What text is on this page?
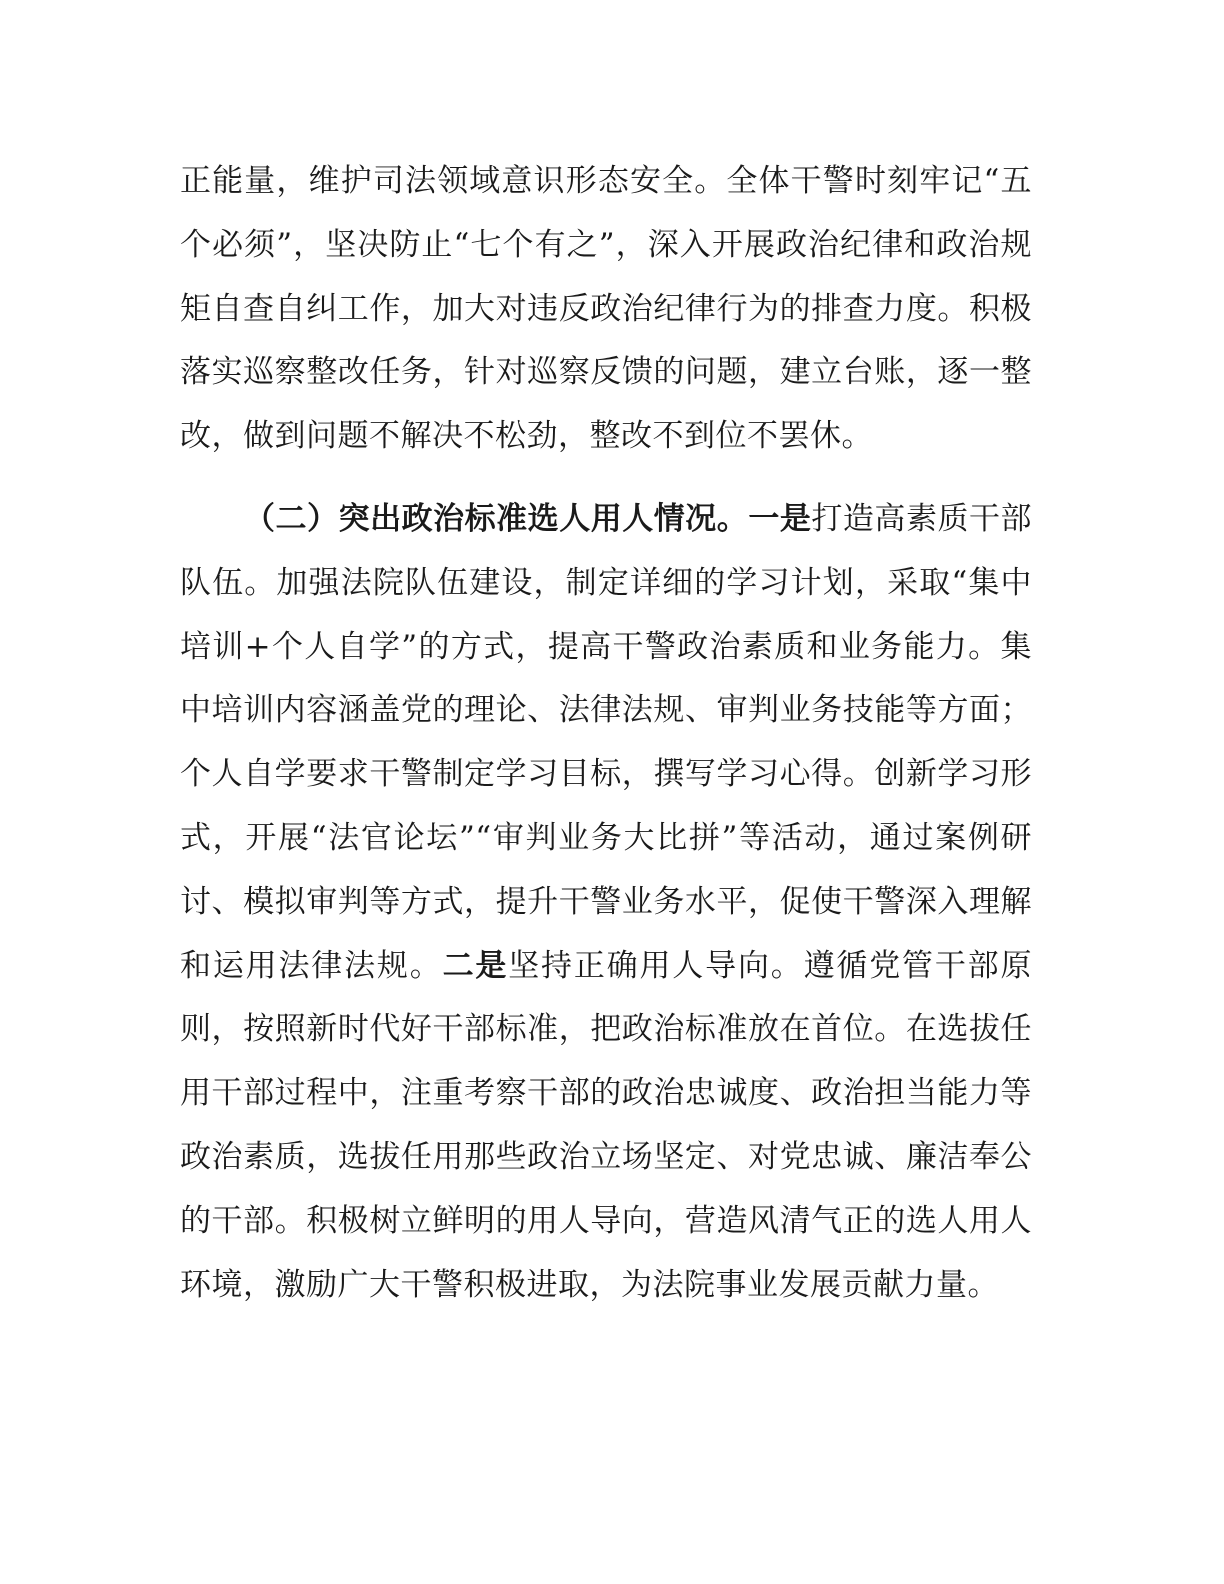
正能量，维护司法领域意识形态安全。全体干警时刻牢记“五个必须”，坚决防止“七个有之”，深入开展政治纪律和政治规矩自查自纠工作，加大对违反政治纪律行为的排查力度。积极落实巡察整改任务，针对巡察反馈的问题，建立台账，逐一整改，做到问题不解决不松劲，整改不到位不罢休。

（二）突出政治标准选人用人情况。一是打造高素质干部队伍。加强法院队伍建设，制定详细的学习计划，采取“集中培训+个人自学”的方式，提高干警政治素质和业务能力。集中培训内容涵盖党的理论、法律法规、审判业务技能等方面；个人自学要求干警制定学习目标，撰写学习心得。创新学习形式，开展“法官论坛”“审判业务大比拼”等活动，通过案例研讨、模拟审判等方式，提升干警业务水平，促使干警深入理解和运用法律法规。二是坚持正确用人导向。遵循党管干部原则，按照新时代好干部标准，把政治标准放在首位。在选拔任用干部过程中，注重考察干部的政治忠诚度、政治担当能力等政治素质，选拔任用那些政治立场坚定、对党忠诚、廉洁奉公的干部。积极树立鲜明的用人导向，营造风清气正的选人用人环境，激励广大干警积极进取，为法院事业发展贡献力量。
